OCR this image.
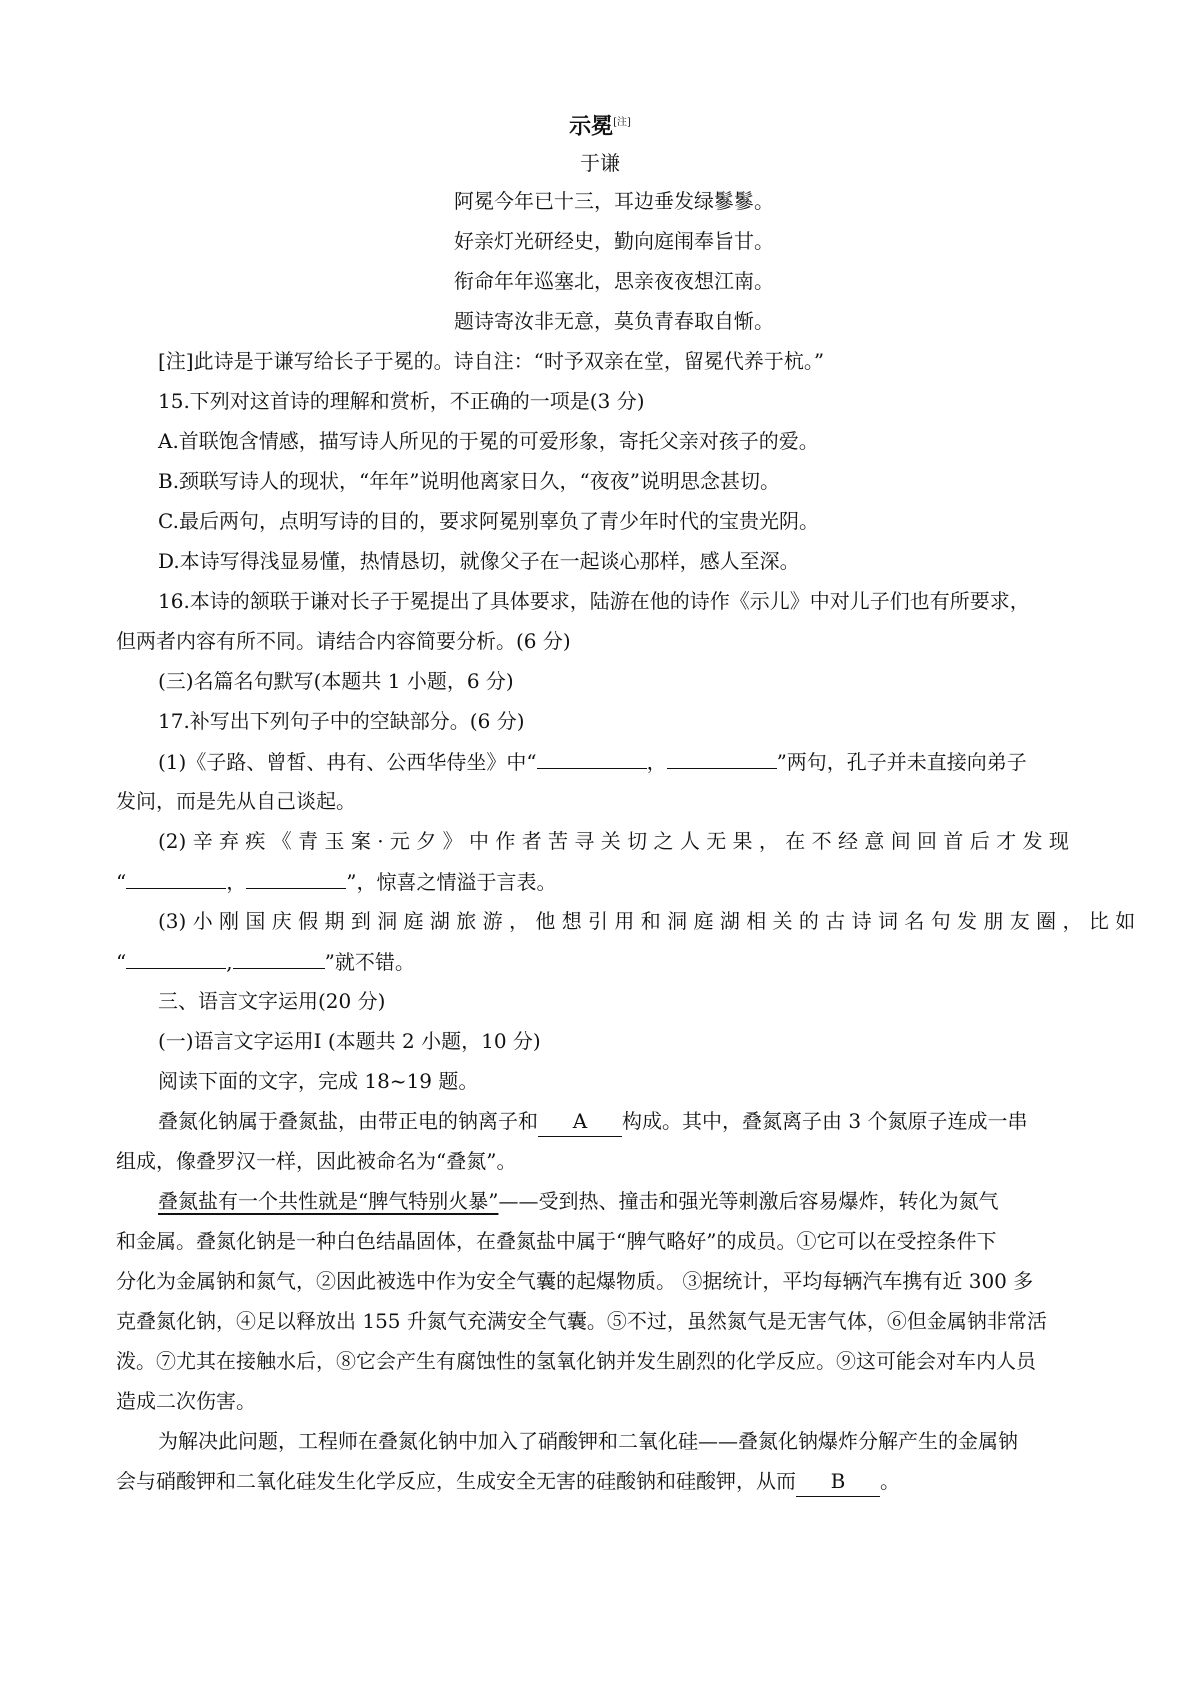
示冕[注]
于谦
阿冕今年已十三，耳边垂发绿鬖鬖。
好亲灯光研经史，勤向庭闱奉旨甘。
衔命年年巡塞北，思亲夜夜想江南。
题诗寄汝非无意，莫负青春取自惭。
[注]此诗是于谦写给长子于冕的。诗自注：“时予双亲在堂，留冕代养于杭。”
15.下列对这首诗的理解和赏析，不正确的一项是(3 分)
A.首联饱含情感，描写诗人所见的于冕的可爱形象，寄托父亲对孩子的爱。
B.颈联写诗人的现状，“年年”说明他离家日久，“夜夜”说明思念甚切。
C.最后两句，点明写诗的目的，要求阿冕别辜负了青少年时代的宝贵光阴。
D.本诗写得浅显易懂，热情恳切，就像父子在一起谈心那样，感人至深。
16.本诗的颔联于谦对长子于冕提出了具体要求，陆游在他的诗作《示儿》中对儿子们也有所要求，
但两者内容有所不同。请结合内容简要分析。(6 分)
(三)名篇名句默写(本题共 1 小题，6 分)
17.补写出下列句子中的空缺部分。(6 分)
(1)《子路、曾皙、冉有、公西华侍坐》中“	，	”两句，孔子并未直接向弟子
发问，而是先从自己谈起。
(2) 辛 弃 疾 《 青 玉 案 · 元 夕 》 中 作 者 苦 寻 关 切 之 人 无 果 ， 在 不 经 意 间 回 首 后 才 发 现
“	，	”，惊喜之情溢于言表。
(3) 小 刚 国 庆 假 期 到 洞 庭 湖 旅 游 ， 他 想 引 用 和 洞 庭 湖 相 关 的 古 诗 词 名 句 发 朋 友 圈 ， 比 如
“	,	”就不错。
三、语言文字运用(20 分)
(一)语言文字运用Ⅰ (本题共 2 小题，10 分)
阅读下面的文字，完成 18~19 题。
叠氮化钠属于叠氮盐，由带正电的钠离子和 A 构成。其中，叠氮离子由 3 个氮原子连成一串
组成，像叠罗汉一样，因此被命名为“叠氮”。
叠氮盐有一个共性就是“脾气特别火暴”——受到热、撞击和强光等刺激后容易爆炸，转化为氮气
和金属。叠氮化钠是一种白色结晶固体，在叠氮盐中属于“脾气略好”的成员。①它可以在受控条件下
分化为金属钠和氮气，②因此被选中作为安全气囊的起爆物质。 ③据统计，平均每辆汽车携有近 300 多
克叠氮化钠，④足以释放出 155 升氮气充满安全气囊。⑤不过，虽然氮气是无害气体，⑥但金属钠非常活
泼。⑦尤其在接触水后，⑧它会产生有腐蚀性的氢氧化钠并发生剧烈的化学反应。⑨这可能会对车内人员
造成二次伤害。
为解决此问题，工程师在叠氮化钠中加入了硝酸钾和二氧化硅——叠氮化钠爆炸分解产生的金属钠
会与硝酸钾和二氧化硅发生化学反应，生成安全无害的硅酸钠和硅酸钾，从而 B 。
